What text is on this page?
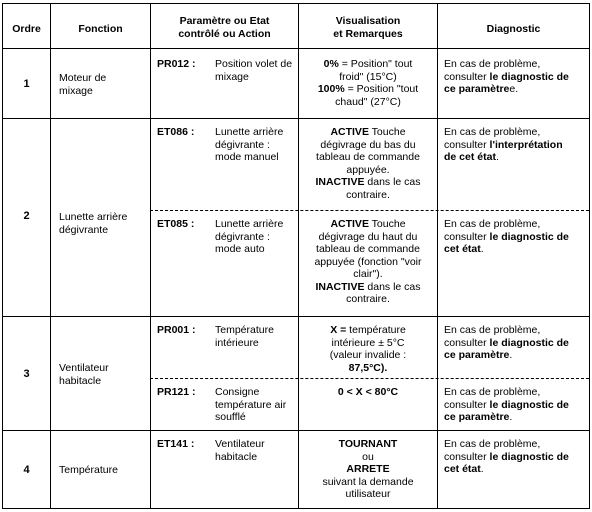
Ordre	Fonction
Paramètre ou Etat
contrôlé ou Action
Visualisation
et Remarques	Diagnostic
1
2
3
4
Moteur de
mixage
Lunette arrière
dégivrante
Ventilateur
habitacle
Température
PR012 :
ET086 :
ET085 :
PR001 :
PR121 :
ET141 :
Position volet de
mixage
Lunette arrière
dégivrante :
mode manuel
Lunette arrière
dégivrante :
mode auto
Température
intérieure
Consigne
température air
soufflé
Ventilateur
habitacle
0% = Position" tout
froid" (15°C)
100% = Position "tout
chaud" (27°C)
ACTIVE Touche
dégivrage du bas du
tableau de commande
appuyée.
INACTIVE dans le cas
contraire.
ACTIVE Touche
dégivrage du haut du
tableau de commande
appuyée (fonction "voir
clair").
INACTIVE dans le cas
contraire.
X = température
intérieure ± 5°C
(valeur invalide :
87,5°C).
0 < X < 80°C
TOURNANT
ou
ARRETE
suivant la demande
utilisateur
En cas de problème,
consulter le diagnostic de
ce paramètree.
En cas de problème,
consulter l'interprétation
de cet état.
En cas de problème,
consulter le diagnostic de
cet état.
En cas de problème,
consulter le diagnostic de
ce paramètre.
En cas de problème,
consulter le diagnostic de
ce paramètre.
En cas de problème,
consulter le diagnostic de
cet état.
